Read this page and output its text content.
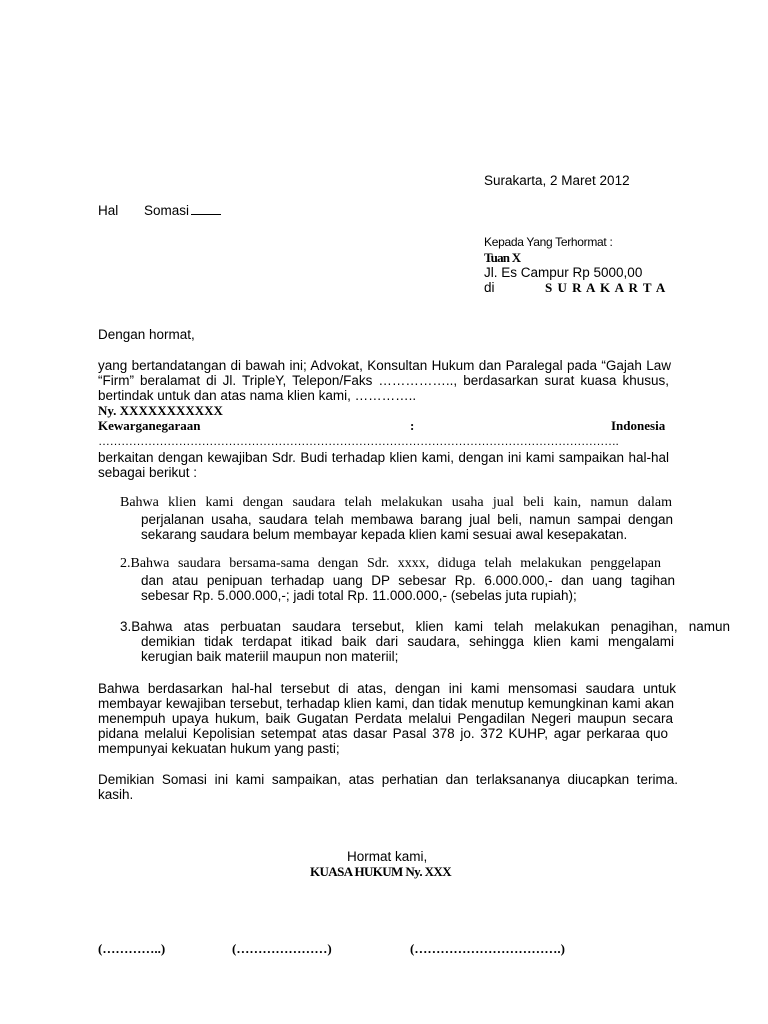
Surakarta, 2 Maret 2012
Hal Somasi
Kepada Yang Terhormat :
Tuan X
Jl. Es Campur Rp 5000,00
di	S U R A K A R T A
Dengan hormat,
yang bertandatangan di bawah ini; Advokat, Konsultan Hukum dan Paralegal pada “Gajah Law
“Firm” beralamat di Jl. TripleY, Telepon/Faks …………….., berdasarkan surat kuasa khusus,
bertindak untuk dan atas nama klien kami, …………..
Ny. XXXXXXXXXXX
Kewarganegaraan	:	Indonesia
……………………………………………………………………………………………………………………….
berkaitan dengan kewajiban Sdr. Budi terhadap klien kami, dengan ini kami sampaikan hal-hal
sebagai berikut :
Bahwa klien kami dengan saudara telah melakukan usaha jual beli kain, namun dalam
perjalanan usaha, saudara telah membawa barang jual beli, namun sampai dengan
sekarang saudara belum membayar kepada klien kami sesuai awal kesepakatan.
2.Bahwa saudara bersama-sama dengan Sdr. xxxx, diduga telah melakukan penggelapan
dan atau penipuan terhadap uang DP sebesar Rp. 6.000.000,- dan uang tagihan
sebesar Rp. 5.000.000,-; jadi total Rp. 11.000.000,- (sebelas juta rupiah);
3.Bahwa atas perbuatan saudara tersebut, klien kami telah melakukan penagihan, namun
demikian tidak terdapat itikad baik dari saudara, sehingga klien kami mengalami
kerugian baik materiil maupun non materiil;
Bahwa berdasarkan hal-hal tersebut di atas, dengan ini kami mensomasi saudara untuk
membayar kewajiban tersebut, terhadap klien kami, dan tidak menutup kemungkinan kami akan
menempuh upaya hukum, baik Gugatan Perdata melalui Pengadilan Negeri maupun secara
pidana melalui Kepolisian setempat atas dasar Pasal 378 jo. 372 KUHP, agar perkaraa quo
mempunyai kekuatan hukum yang pasti;
Demikian Somasi ini kami sampaikan, atas perhatian dan terlaksananya diucapkan terima.
kasih.
Hormat kami,
KUASA HUKUM Ny. XXX
(…………..)	(…………………)	(…………………………….)
